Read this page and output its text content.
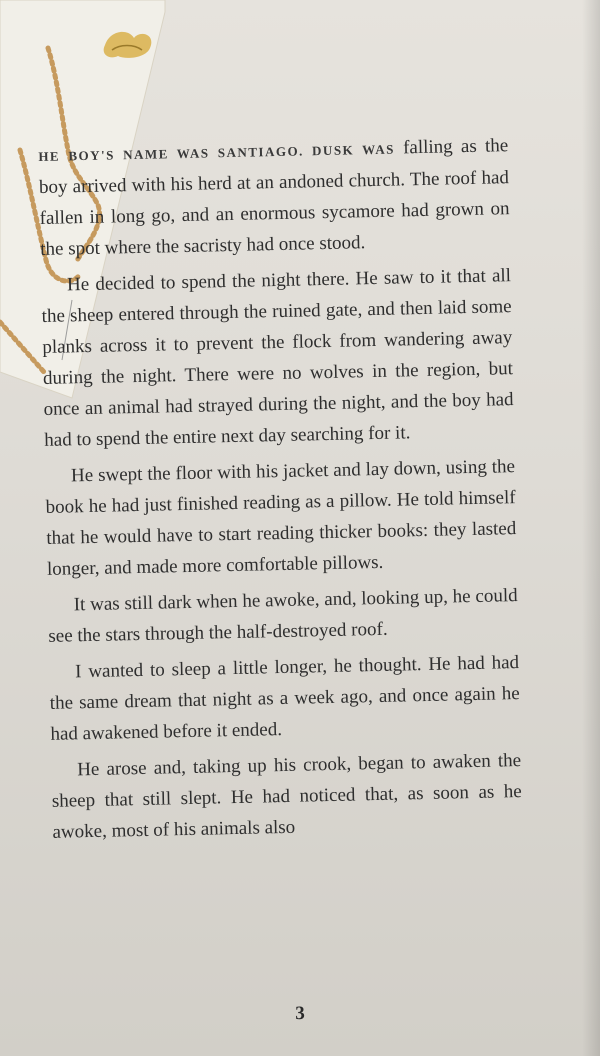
HE BOY'S NAME WAS SANTIAGO. DUSK WAS falling as the boy arrived with his herd at an andoned church. The roof had fallen in long go, and an enormous sycamore had grown on the spot where the sacristy had once stood.

He decided to spend the night there. He saw to it that all the sheep entered through the ruined gate, and then laid some planks across it to prevent the flock from wandering away during the night. There were no wolves in the region, but once an animal had strayed during the night, and the boy had had to spend the entire next day searching for it.

He swept the floor with his jacket and lay down, using the book he had just finished reading as a pillow. He told himself that he would have to start reading thicker books: they lasted longer, and made more comfortable pillows.

It was still dark when he awoke, and, looking up, he could see the stars through the half-destroyed roof.

I wanted to sleep a little longer, he thought. He had had the same dream that night as a week ago, and once again he had awakened before it ended.

He arose and, taking up his crook, began to awaken the sheep that still slept. He had noticed that, as soon as he awoke, most of his animals also

3
